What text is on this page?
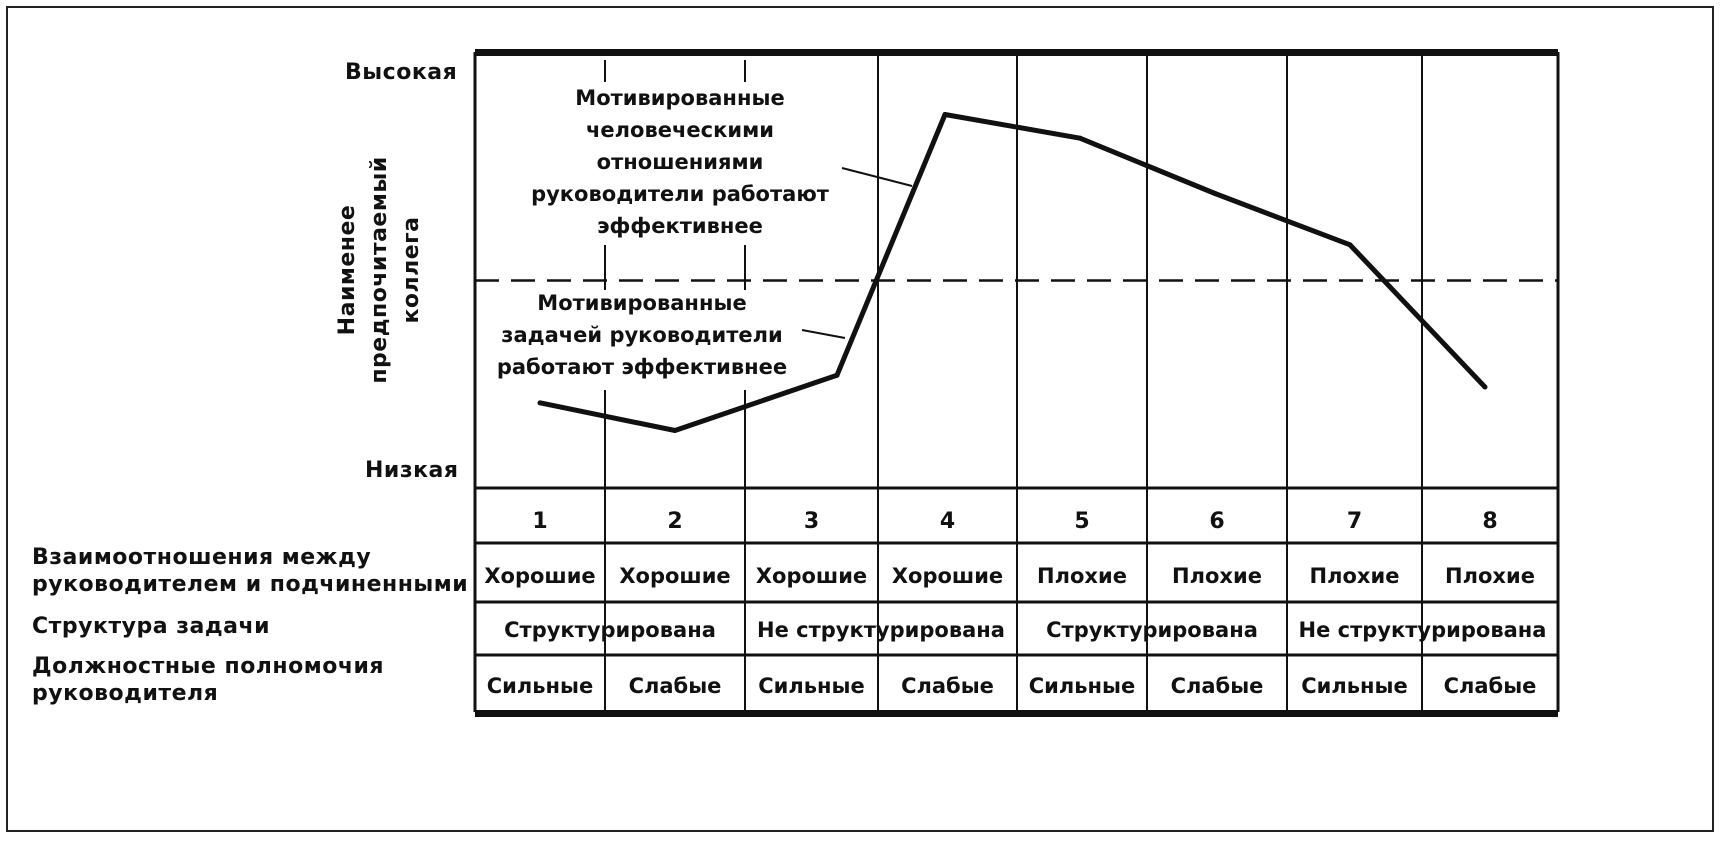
Высокая
Низкая
Наименее предпочитаемый коллега
Взаимоотношения между
руководителем и подчиненными
Структура задачи
Должностные полномочия
руководителя
Мотивированные
человеческими
отношениями
руководители работают
эффективнее
Мотивированные
задачей руководители
работают эффективнее
1	2	3	4	5	6	7	8
Хорошие Хорошие Хорошие Хорошие Плохие Плохие Плохие Плохие
Структурирована Не структурирована Структурирована Не структурирована
Сильные Слабые Сильные Слабые Сильные Слабые Сильные Слабые
